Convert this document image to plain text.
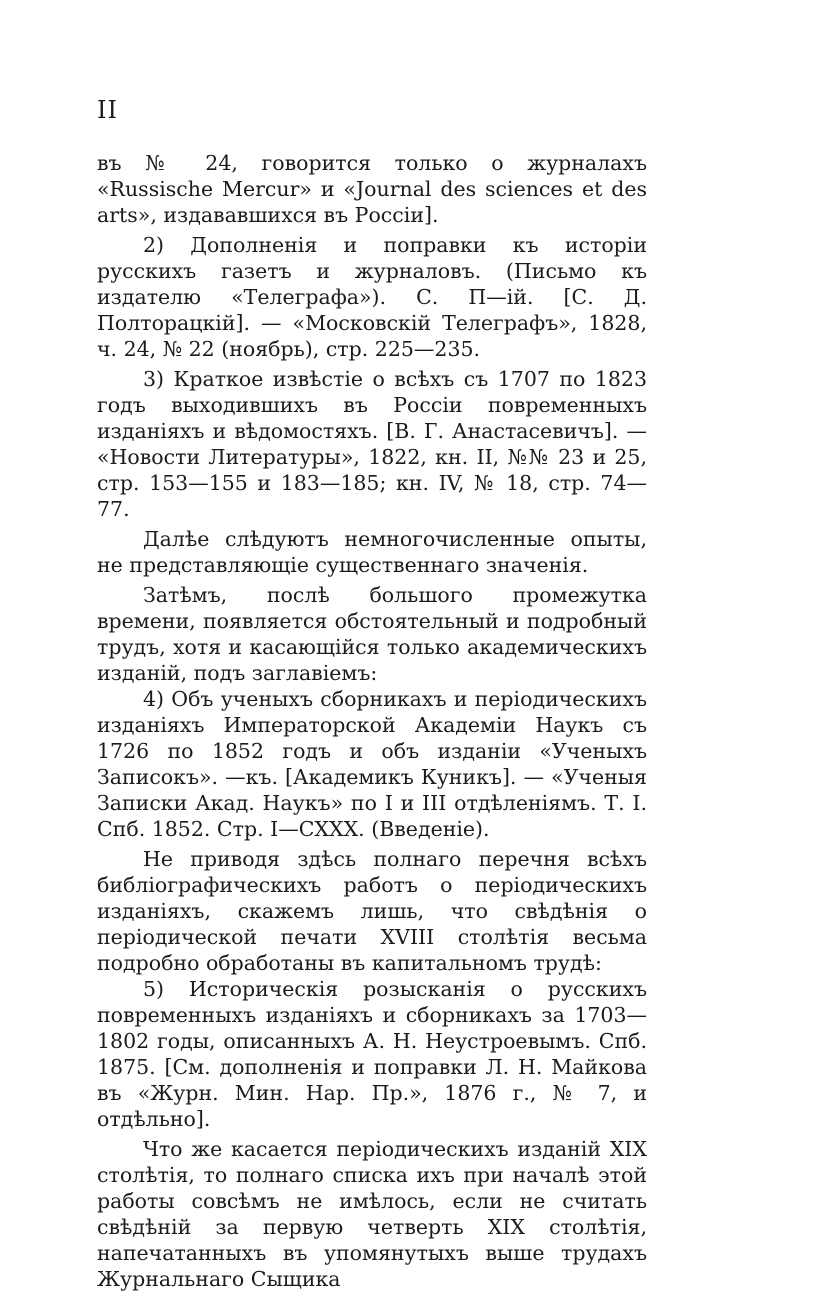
II

въ № 24, говорится только о журналахъ «Russische Mercur» и «Journal des sciences et des arts», издававшихся въ Россіи].

2) Дополненія и поправки къ исторіи русскихъ газетъ и журналовъ. (Письмо къ издателю «Телеграфа»). С. П—ій. [С. Д. Полторацкій]. — «Московскій Телеграфъ», 1828, ч. 24, № 22 (ноябрь), стр. 225—235.

3) Краткое извѣстіе о всѣхъ съ 1707 по 1823 годъ выходившихъ въ Россіи повременныхъ изданіяхъ и вѣдомостяхъ. [В. Г. Анастасевичъ]. — «Новости Литературы», 1822, кн. II, №№ 23 и 25, стр. 153—155 и 183—185; кн. IV, № 18, стр. 74—77.

Далѣе слѣдуютъ немногочисленные опыты, не представляющіе существеннаго значенія.

Затѣмъ, послѣ большого промежутка времени, появляется обстоятельный и подробный трудъ, хотя и касающійся только академическихъ изданій, подъ заглавіемъ:

4) Объ ученыхъ сборникахъ и періодическихъ изданіяхъ Императорской Академіи Наукъ съ 1726 по 1852 годъ и объ изданіи «Ученыхъ Записокъ». —къ. [Академикъ Куникъ]. — «Ученыя Записки Акад. Наукъ» по I и III отдѣленіямъ. Т. I. Спб. 1852. Стр. I—CXXX. (Введеніе).

Не приводя здѣсь полнаго перечня всѣхъ библіографическихъ работъ о періодическихъ изданіяхъ, скажемъ лишь, что свѣдѣнія о періодической печати XVIII столѣтія весьма подробно обработаны въ капитальномъ трудѣ:

5) Историческія розысканія о русскихъ повременныхъ изданіяхъ и сборникахъ за 1703—1802 годы, описанныхъ А. Н. Неустроевымъ. Спб. 1875. [См. дополненія и поправки Л. Н. Майкова въ «Журн. Мин. Нар. Пр.», 1876 г., № 7, и отдѣльно].

Что же касается періодическихъ изданій XIX столѣтія, то полнаго списка ихъ при началѣ этой работы совсѣмъ не имѣлось, если не считать свѣдѣній за первую четверть XIX столѣтія, напечатанныхъ въ упомянутыхъ выше трудахъ Журнальнаго Сыщика
